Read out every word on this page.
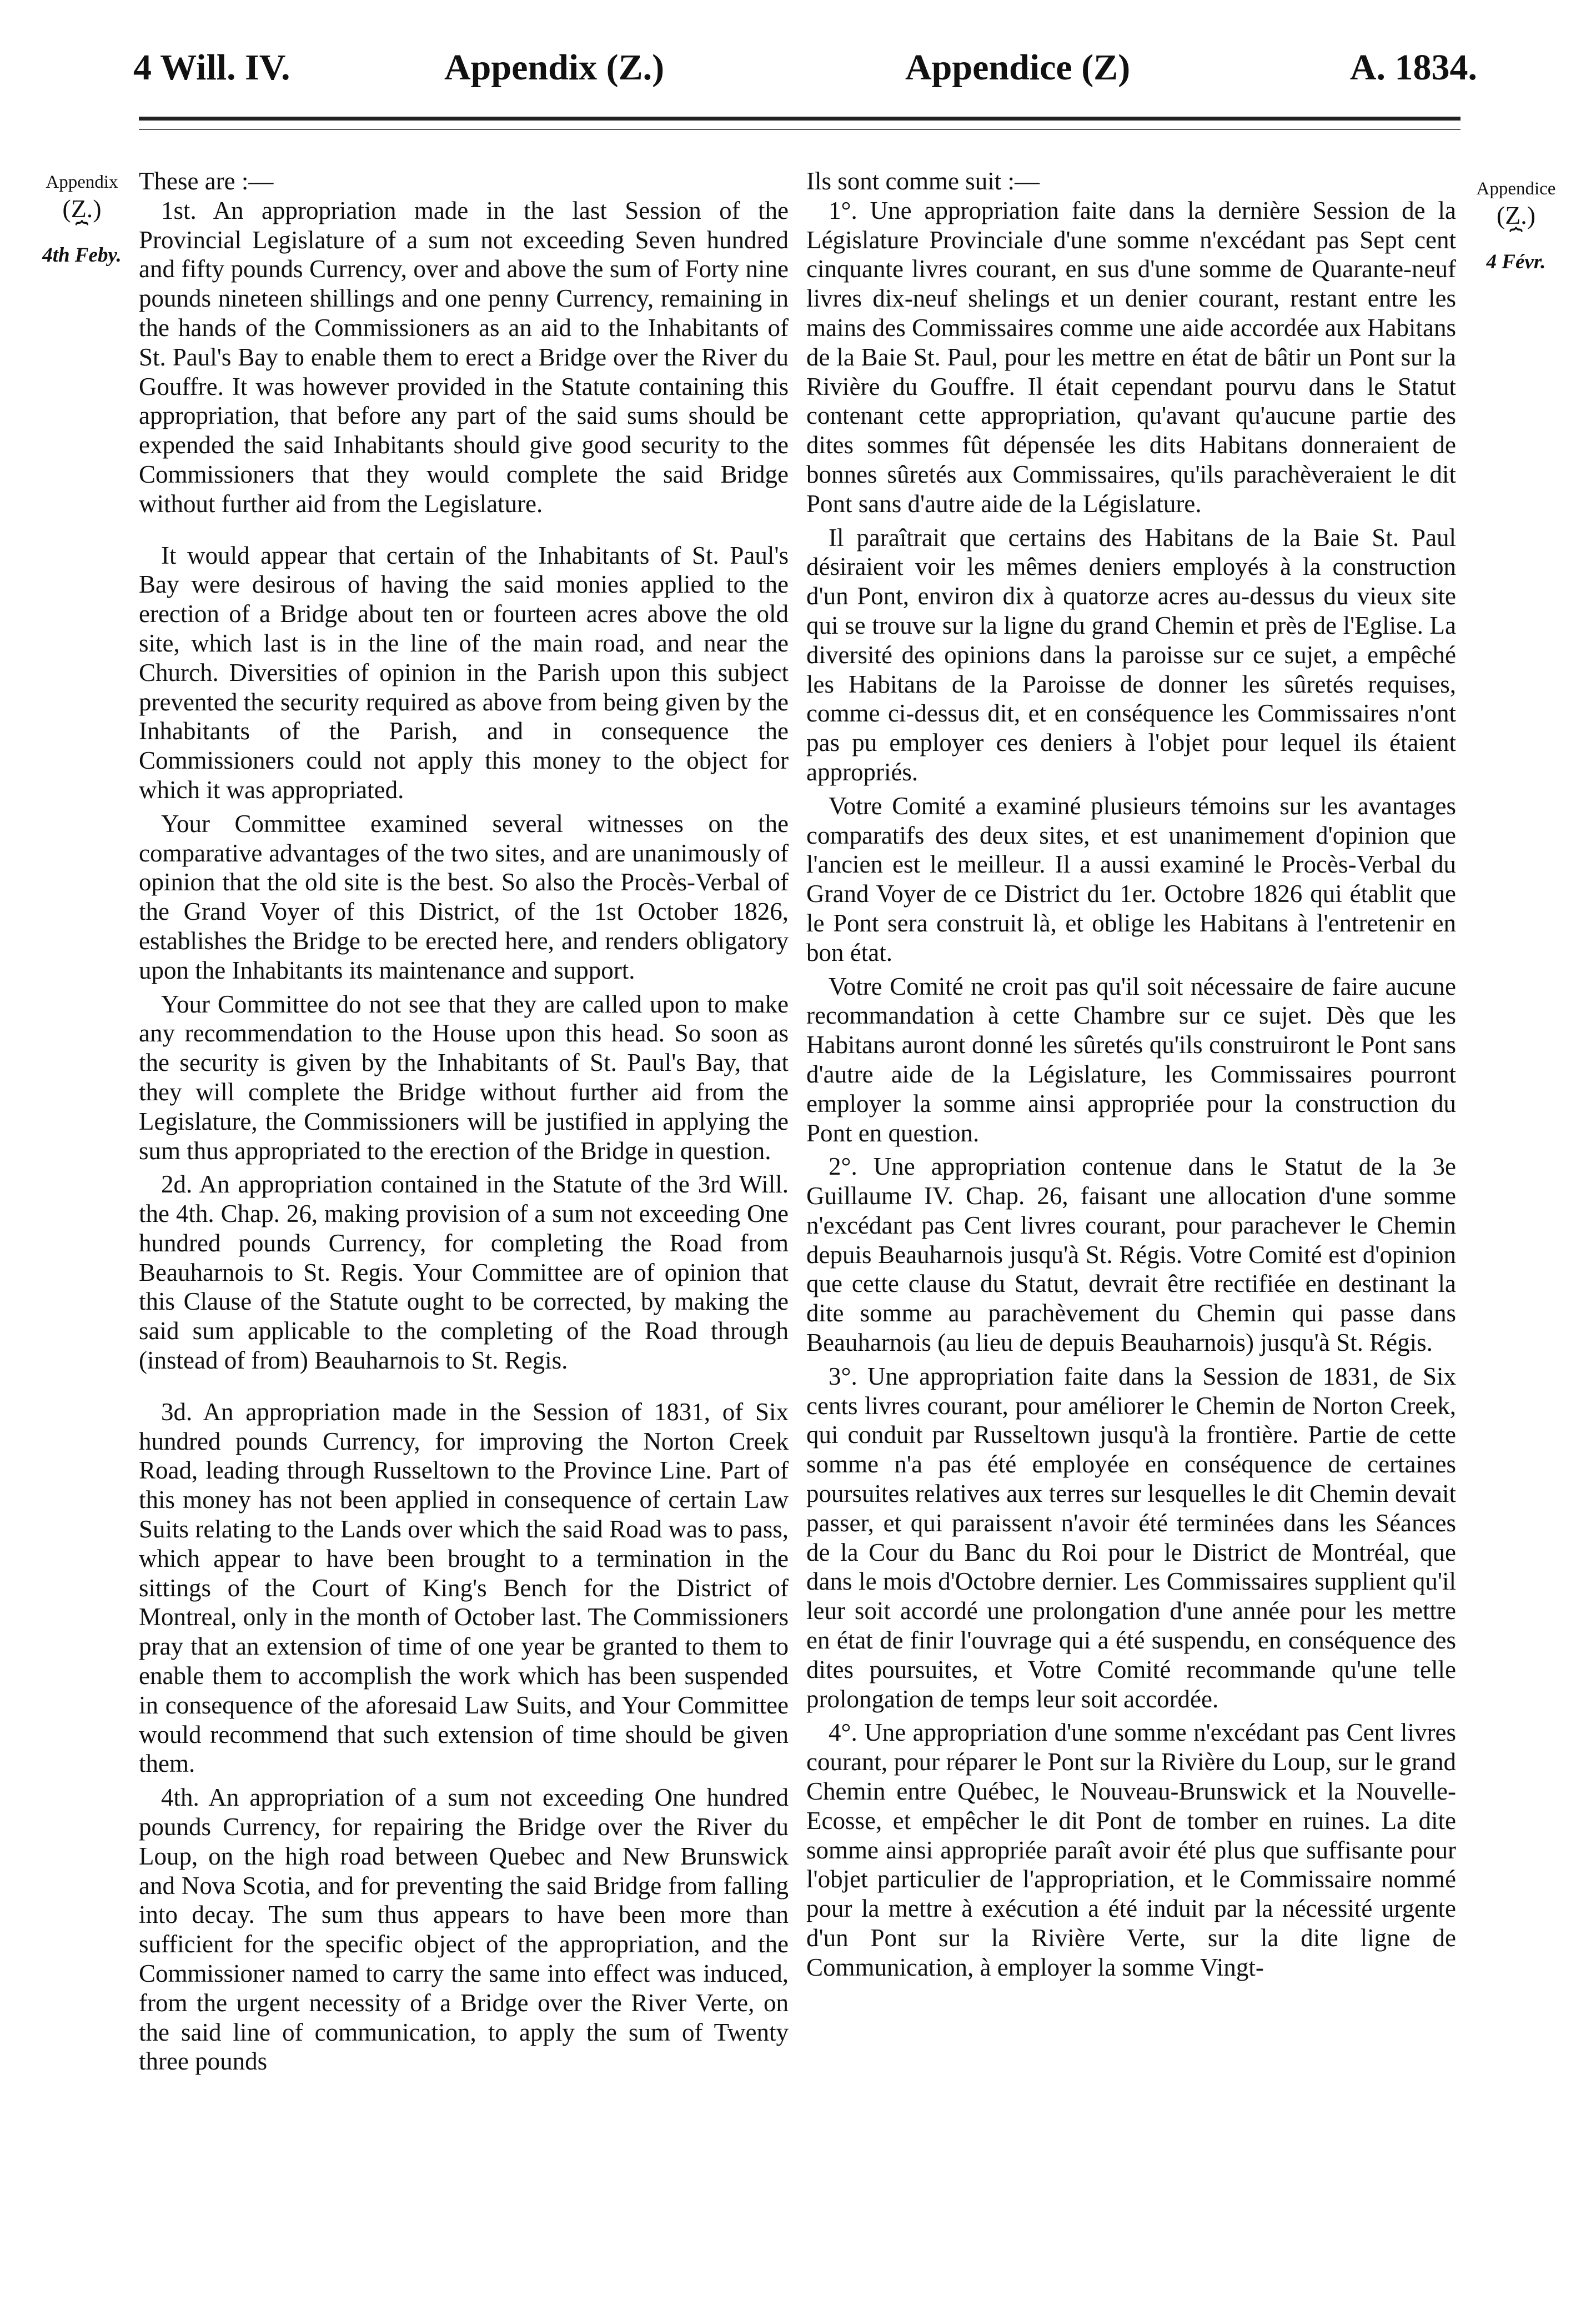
4 Will. IV.	Appendix (Z.)	Appendice (Z)	A. 1834.
Appendix
(Z.)
⏞
4th Feby.
Appendice
(Z.)
⏞
4 Févr.

These are :—

1st. An appropriation made in the last Session of the Provincial Legislature of a sum not exceeding Seven hundred and fifty pounds Currency, over and above the sum of Forty nine pounds nineteen shillings and one penny Currency, remaining in the hands of the Commissioners as an aid to the Inhabitants of St. Paul's Bay to enable them to erect a Bridge over the River du Gouffre. It was however provided in the Statute containing this appropriation, that before any part of the said sums should be expended the said Inhabitants should give good security to the Commissioners that they would complete the said Bridge without further aid from the Legislature.

It would appear that certain of the Inhabitants of St. Paul's Bay were desirous of having the said monies applied to the erection of a Bridge about ten or fourteen acres above the old site, which last is in the line of the main road, and near the Church. Diversities of opinion in the Parish upon this subject prevented the security required as above from being given by the Inhabitants of the Parish, and in consequence the Commissioners could not apply this money to the object for which it was appropriated.

Your Committee examined several witnesses on the comparative advantages of the two sites, and are unanimously of opinion that the old site is the best. So also the Procès-Verbal of the Grand Voyer of this District, of the 1st October 1826, establishes the Bridge to be erected here, and renders obligatory upon the Inhabitants its maintenance and support.

Your Committee do not see that they are called upon to make any recommendation to the House upon this head. So soon as the security is given by the Inhabitants of St. Paul's Bay, that they will complete the Bridge without further aid from the Legislature, the Commissioners will be justified in applying the sum thus appropriated to the erection of the Bridge in question.

2d. An appropriation contained in the Statute of the 3rd Will. the 4th. Chap. 26, making provision of a sum not exceeding One hundred pounds Currency, for completing the Road from Beauharnois to St. Regis. Your Committee are of opinion that this Clause of the Statute ought to be corrected, by making the said sum applicable to the completing of the Road through (instead of from) Beauharnois to St. Regis.

3d. An appropriation made in the Session of 1831, of Six hundred pounds Currency, for improving the Norton Creek Road, leading through Russeltown to the Province Line. Part of this money has not been applied in consequence of certain Law Suits relating to the Lands over which the said Road was to pass, which appear to have been brought to a termination in the sittings of the Court of King's Bench for the District of Montreal, only in the month of October last. The Commissioners pray that an extension of time of one year be granted to them to enable them to accomplish the work which has been suspended in consequence of the aforesaid Law Suits, and Your Committee would recommend that such extension of time should be given them.

4th. An appropriation of a sum not exceeding One hundred pounds Currency, for repairing the Bridge over the River du Loup, on the high road between Quebec and New Brunswick and Nova Scotia, and for preventing the said Bridge from falling into decay. The sum thus appears to have been more than sufficient for the specific object of the appropriation, and the Commissioner named to carry the same into effect was induced, from the urgent necessity of a Bridge over the River Verte, on the said line of communication, to apply the sum of Twenty three pounds

Ils sont comme suit :—

1°. Une appropriation faite dans la dernière Session de la Législature Provinciale d'une somme n'excédant pas Sept cent cinquante livres courant, en sus d'une somme de Quarante-neuf livres dix-neuf shelings et un denier courant, restant entre les mains des Commissaires comme une aide accordée aux Habitans de la Baie St. Paul, pour les mettre en état de bâtir un Pont sur la Rivière du Gouffre. Il était cependant pourvu dans le Statut contenant cette appropriation, qu'avant qu'aucune partie des dites sommes fût dépensée les dits Habitans donneraient de bonnes sûretés aux Commissaires, qu'ils parachèveraient le dit Pont sans d'autre aide de la Législature.

Il paraîtrait que certains des Habitans de la Baie St. Paul désiraient voir les mêmes deniers employés à la construction d'un Pont, environ dix à quatorze acres au-dessus du vieux site qui se trouve sur la ligne du grand Chemin et près de l'Eglise. La diversité des opinions dans la paroisse sur ce sujet, a empêché les Habitans de la Paroisse de donner les sûretés requises, comme ci-dessus dit, et en conséquence les Commissaires n'ont pas pu employer ces deniers à l'objet pour lequel ils étaient appropriés.

Votre Comité a examiné plusieurs témoins sur les avantages comparatifs des deux sites, et est unanimement d'opinion que l'ancien est le meilleur. Il a aussi examiné le Procès-Verbal du Grand Voyer de ce District du 1er. Octobre 1826 qui établit que le Pont sera construit là, et oblige les Habitans à l'entretenir en bon état.

Votre Comité ne croit pas qu'il soit nécessaire de faire aucune recommandation à cette Chambre sur ce sujet. Dès que les Habitans auront donné les sûretés qu'ils construiront le Pont sans d'autre aide de la Législature, les Commissaires pourront employer la somme ainsi appropriée pour la construction du Pont en question.

2°. Une appropriation contenue dans le Statut de la 3e Guillaume IV. Chap. 26, faisant une allocation d'une somme n'excédant pas Cent livres courant, pour parachever le Chemin depuis Beauharnois jusqu'à St. Régis. Votre Comité est d'opinion que cette clause du Statut, devrait être rectifiée en destinant la dite somme au parachèvement du Chemin qui passe dans Beauharnois (au lieu de depuis Beauharnois) jusqu'à St. Régis.

3°. Une appropriation faite dans la Session de 1831, de Six cents livres courant, pour améliorer le Chemin de Norton Creek, qui conduit par Russeltown jusqu'à la frontière. Partie de cette somme n'a pas été employée en conséquence de certaines poursuites relatives aux terres sur lesquelles le dit Chemin devait passer, et qui paraissent n'avoir été terminées dans les Séances de la Cour du Banc du Roi pour le District de Montréal, que dans le mois d'Octobre dernier. Les Commissaires supplient qu'il leur soit accordé une prolongation d'une année pour les mettre en état de finir l'ouvrage qui a été suspendu, en conséquence des dites poursuites, et Votre Comité recommande qu'une telle prolongation de temps leur soit accordée.

4°. Une appropriation d'une somme n'excédant pas Cent livres courant, pour réparer le Pont sur la Rivière du Loup, sur le grand Chemin entre Québec, le Nouveau-Brunswick et la Nouvelle-Ecosse, et empêcher le dit Pont de tomber en ruines. La dite somme ainsi appropriée paraît avoir été plus que suffisante pour l'objet particulier de l'appropriation, et le Commissaire nommé pour la mettre à exécution a été induit par la nécessité urgente d'un Pont sur la Rivière Verte, sur la dite ligne de Communication, à employer la somme Vingt-
